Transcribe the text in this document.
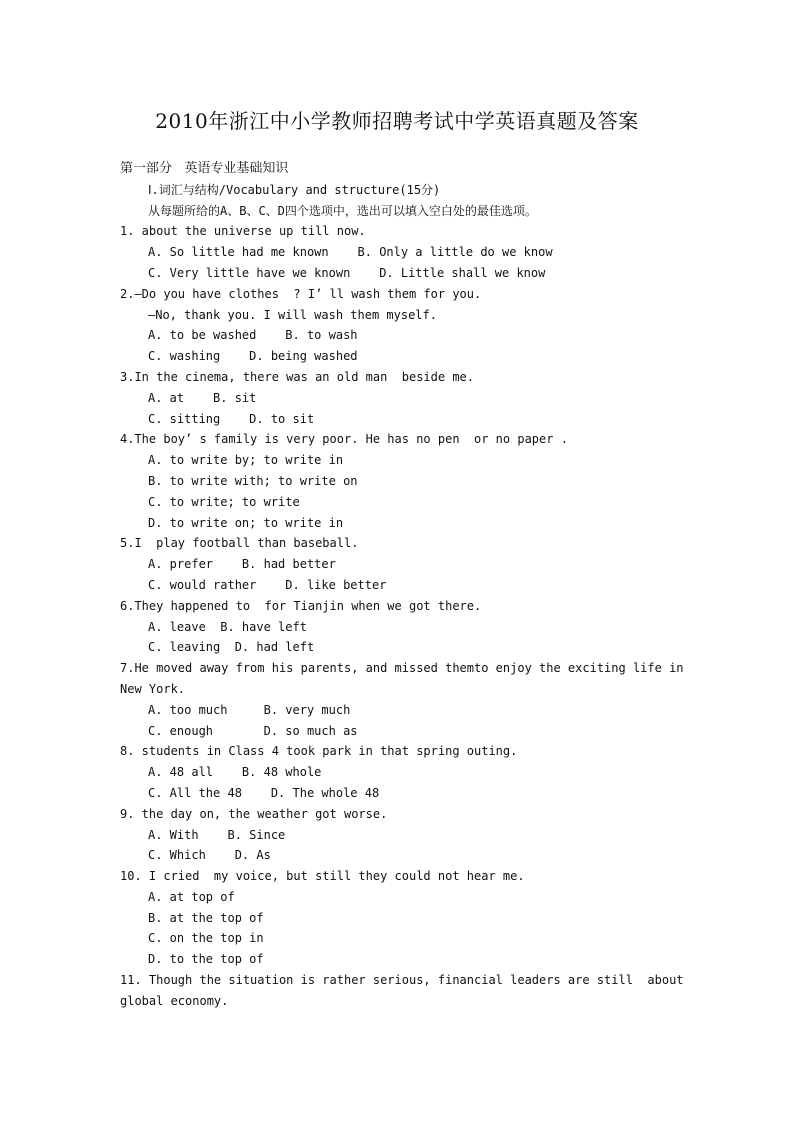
2010年浙江中小学教师招聘考试中学英语真题及答案
第一部分   英语专业基础知识
Ⅰ.词汇与结构/Vocabulary and structure(15分)
从每题所给的A、B、C、D四个选项中，选出可以填入空白处的最佳选项。
1. about the universe up till now.
A. So little had me known    B. Only a little do we know
C. Very little have we known    D. Little shall we know
2.—Do you have clothes  ? I’ ll wash them for you.
—No, thank you. I will wash them myself.
A. to be washed    B. to wash
C. washing    D. being washed
3.In the cinema, there was an old man  beside me.
A. at    B. sit
C. sitting    D. to sit
4.The boy’ s family is very poor. He has no pen  or no paper .
A. to write by; to write in
B. to write with; to write on
C. to write; to write
D. to write on; to write in
5.I  play football than baseball.
A. prefer    B. had better
C. would rather    D. like better
6.They happened to  for Tianjin when we got there.
A. leave  B. have left
C. leaving  D. had left
7.He moved away from his parents, and missed themto enjoy the exciting life in
New York.
A. too much     B. very much
C. enough       D. so much as
8. students in Class 4 took park in that spring outing.
A. 48 all    B. 48 whole
C. All the 48    D. The whole 48
9. the day on, the weather got worse.
A. With    B. Since
C. Which    D. As
10. I cried  my voice, but still they could not hear me.
A. at top of
B. at the top of
C. on the top in
D. to the top of
11. Though the situation is rather serious, financial leaders are still  about
global economy.
